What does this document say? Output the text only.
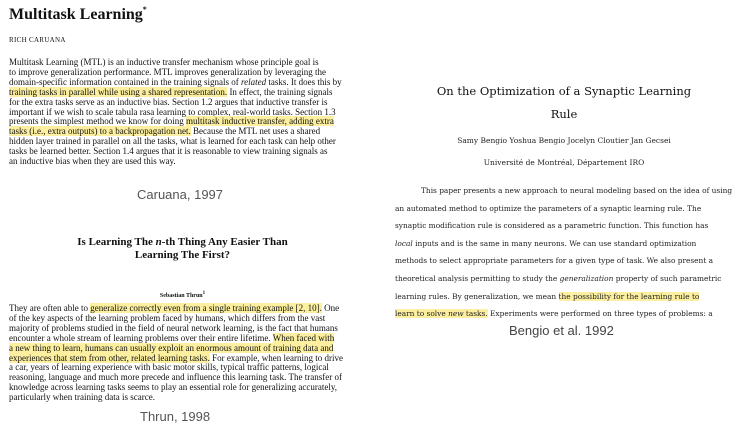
Multitask Learning*
RICH CARUANA
Multitask Learning (MTL) is an inductive transfer mechanism whose principle goal is
to improve generalization performance. MTL improves generalization by leveraging the
domain-specific information contained in the training signals of related tasks. It does this by
training tasks in parallel while using a shared representation. In effect, the training signals
for the extra tasks serve as an inductive bias. Section 1.2 argues that inductive transfer is
important if we wish to scale tabula rasa learning to complex, real-world tasks. Section 1.3
presents the simplest method we know for doing multitask inductive transfer, adding extra
tasks (i.e., extra outputs) to a backpropagation net. Because the MTL net uses a shared
hidden layer trained in parallel on all the tasks, what is learned for each task can help other
tasks be learned better. Section 1.4 argues that it is reasonable to view training signals as
an inductive bias when they are used this way.
Caruana, 1997
Is Learning The n-th Thing Any Easier Than
Learning The First?
Sebastian Thrun$^1$
They are often able to generalize correctly even from a single training example [2, 10]. One
of the key aspects of the learning problem faced by humans, which differs from the vast
majority of problems studied in the field of neural network learning, is the fact that humans
encounter a whole stream of learning problems over their entire lifetime. When faced with
a new thing to learn, humans can usually exploit an enormous amount of training data and
experiences that stem from other, related learning tasks. For example, when learning to drive
a car, years of learning experience with basic motor skills, typical traffic patterns, logical
reasoning, language and much more precede and influence this learning task. The transfer of
knowledge across learning tasks seems to play an essential role for generalizing accurately,
particularly when training data is scarce.
Thrun, 1998
On the Optimization of a Synaptic Learning
Rule
Samy Bengio Yoshua Bengio Jocelyn Cloutier Jan Gecsei
Université de Montréal, Département IRO
This paper presents a new approach to neural modeling based on the idea of using
an automated method to optimize the parameters of a synaptic learning rule. The
synaptic modification rule is considered as a parametric function. This function has
local inputs and is the same in many neurons. We can use standard optimization
methods to select appropriate parameters for a given type of task. We also present a
theoretical analysis permitting to study the generalization property of such parametric
learning rules. By generalization, we mean the possibility for the learning rule to
learn to solve new tasks. Experiments were performed on three types of problems: a
Bengio et al. 1992
